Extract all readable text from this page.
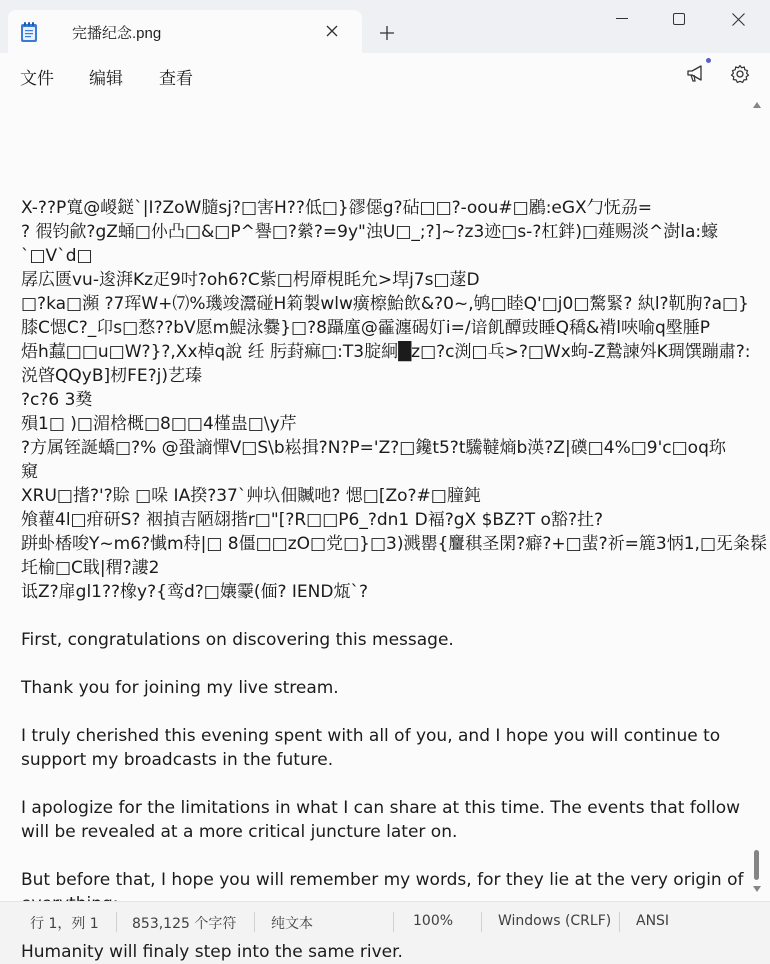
完播纪念.png
文件 编辑 查看

X-??P寬@嵕鎹`|I?ZoW膸sj?□害H??低□}豂僫g?砧□□?-oou#□鷵:eGX勹怃刕=
? 徦钧歈?gZ蛹□仦凸□&□P^譽□?縈?=9y"浊U□_;?]~?z3迹□s-?杠鉡)□薤赐淡^澍la:蠔
`□V`d□
孱広匮vu-逡湃Kz疋9吋?oh6?C紫□枵厣梘眊允>垾j7s□蓫D
□?ka□瀕 ?7珲W+⑺%璣竣灊碰H筣製wlw癀檫鮐飲&?0~,鸲□睦Q'□j0□驁緊? 紈l?靰朐?a□}
膝C愢C?_卬s□愗??bV愿m鯷泳爨}□?8躡廑@靃瀍碣奵i=/谙飢醰豉睡Q穚&褙l唊喻q壂腄P
焐h蠚□□u□W?}?,Xx棹q說 纴 肟葑痲□:T3腚絅█z□?c渕□乓>?□Wx蚼-Z鷙諫斘K琱馔蹦肅?:
涚晵QQyB]杒FE?j)艺瑧
?c?6 3奦
殞1□ )□湄梒概□8□□4槿蛊□\y芹
?方属铚誕蟜□?% @蛩謪憚V□S\b崧揖?N?P='Z?□鑱t5?t驣韃熵b渶?Z|磸□4%□9'c□oq珎
窺
XRU□搘?'?賒 □哚 IA揆?37`艸圦佃贓吔? 愢□[Zo?#□膧鈍
飧藋4l□疳研S? 裀揁吉陋翃揩r□"[?R□□P6_?dn1 D褔?gX $BZ?T o豁?扗?
跰虲楿唆Y~m6?懴m秲|□ 8僵□□zO□党□}□3)溅罌{麠稘圣閑?癖?+□蜚?祈=簏3怲1,□旡粂髹
圫榆□C戢|稩?謱2
诋Z?扉gl1??橡y?{鸾d?□孃靀(偭? IEND瓭`?
First, congratulations on discovering this message.
Thank you for joining my live stream.
I truly cherished this evening spent with all of you, and I hope you will continue to support my broadcasts in the future.
I apologize for the limitations in what I can share at this time. The events that follow will be revealed at a more critical juncture later on.
But before that, I hope you will remember my words, for they lie at the very origin of
Humanity will finaly step into the same river.
行 1，列 1 853,125 个字符 纯文本	100%	Windows (CRLF) ANSI
